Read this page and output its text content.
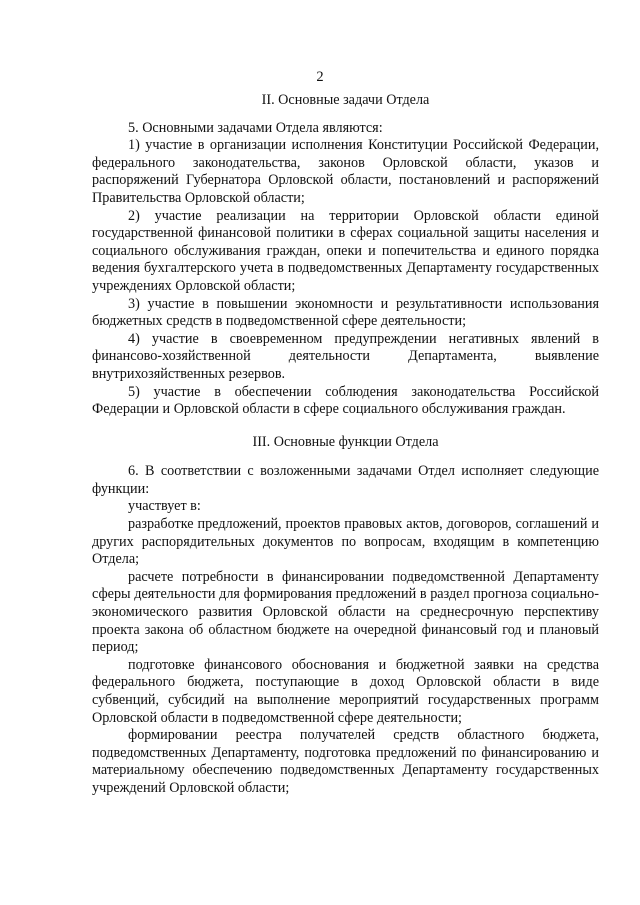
2

II. Основные задачи Отдела

5. Основными задачами Отдела являются:

1) участие в организации исполнения Конституции Российской Федерации, федерального законодательства, законов Орловской области, указов и распоряжений Губернатора Орловской области, постановлений и распоряжений Правительства Орловской области;

2) участие реализации на территории Орловской области единой государственной финансовой политики в сферах социальной защиты населения и социального обслуживания граждан, опеки и попечительства и единого порядка ведения бухгалтерского учета в подведомственных Департаменту государственных учреждениях Орловской области;

3) участие в повышении экономности и результативности использования бюджетных средств в подведомственной сфере деятельности;

4) участие в своевременном предупреждении негативных явлений в финансово-хозяйственной деятельности Департамента, выявление внутрихозяйственных резервов.

5) участие в обеспечении соблюдения законодательства Российской Федерации и Орловской области в сфере социального обслуживания граждан.

III. Основные функции Отдела

6. В соответствии с возложенными задачами Отдел исполняет следующие функции:

участвует в:

разработке предложений, проектов правовых актов, договоров, соглашений и других распорядительных документов по вопросам, входящим в компетенцию Отдела;

расчете потребности в финансировании подведомственной Департаменту сферы деятельности для формирования предложений в раздел прогноза социально-экономического развития Орловской области на среднесрочную перспективу проекта закона об областном бюджете на очередной финансовый год и плановый период;

подготовке финансового обоснования и бюджетной заявки на средства федерального бюджета, поступающие в доход Орловской области в виде субвенций, субсидий на выполнение мероприятий государственных программ Орловской области в подведомственной сфере деятельности;

формировании реестра получателей средств областного бюджета, подведомственных Департаменту, подготовка предложений по финансированию и материальному обеспечению подведомственных Департаменту государственных учреждений Орловской области;
